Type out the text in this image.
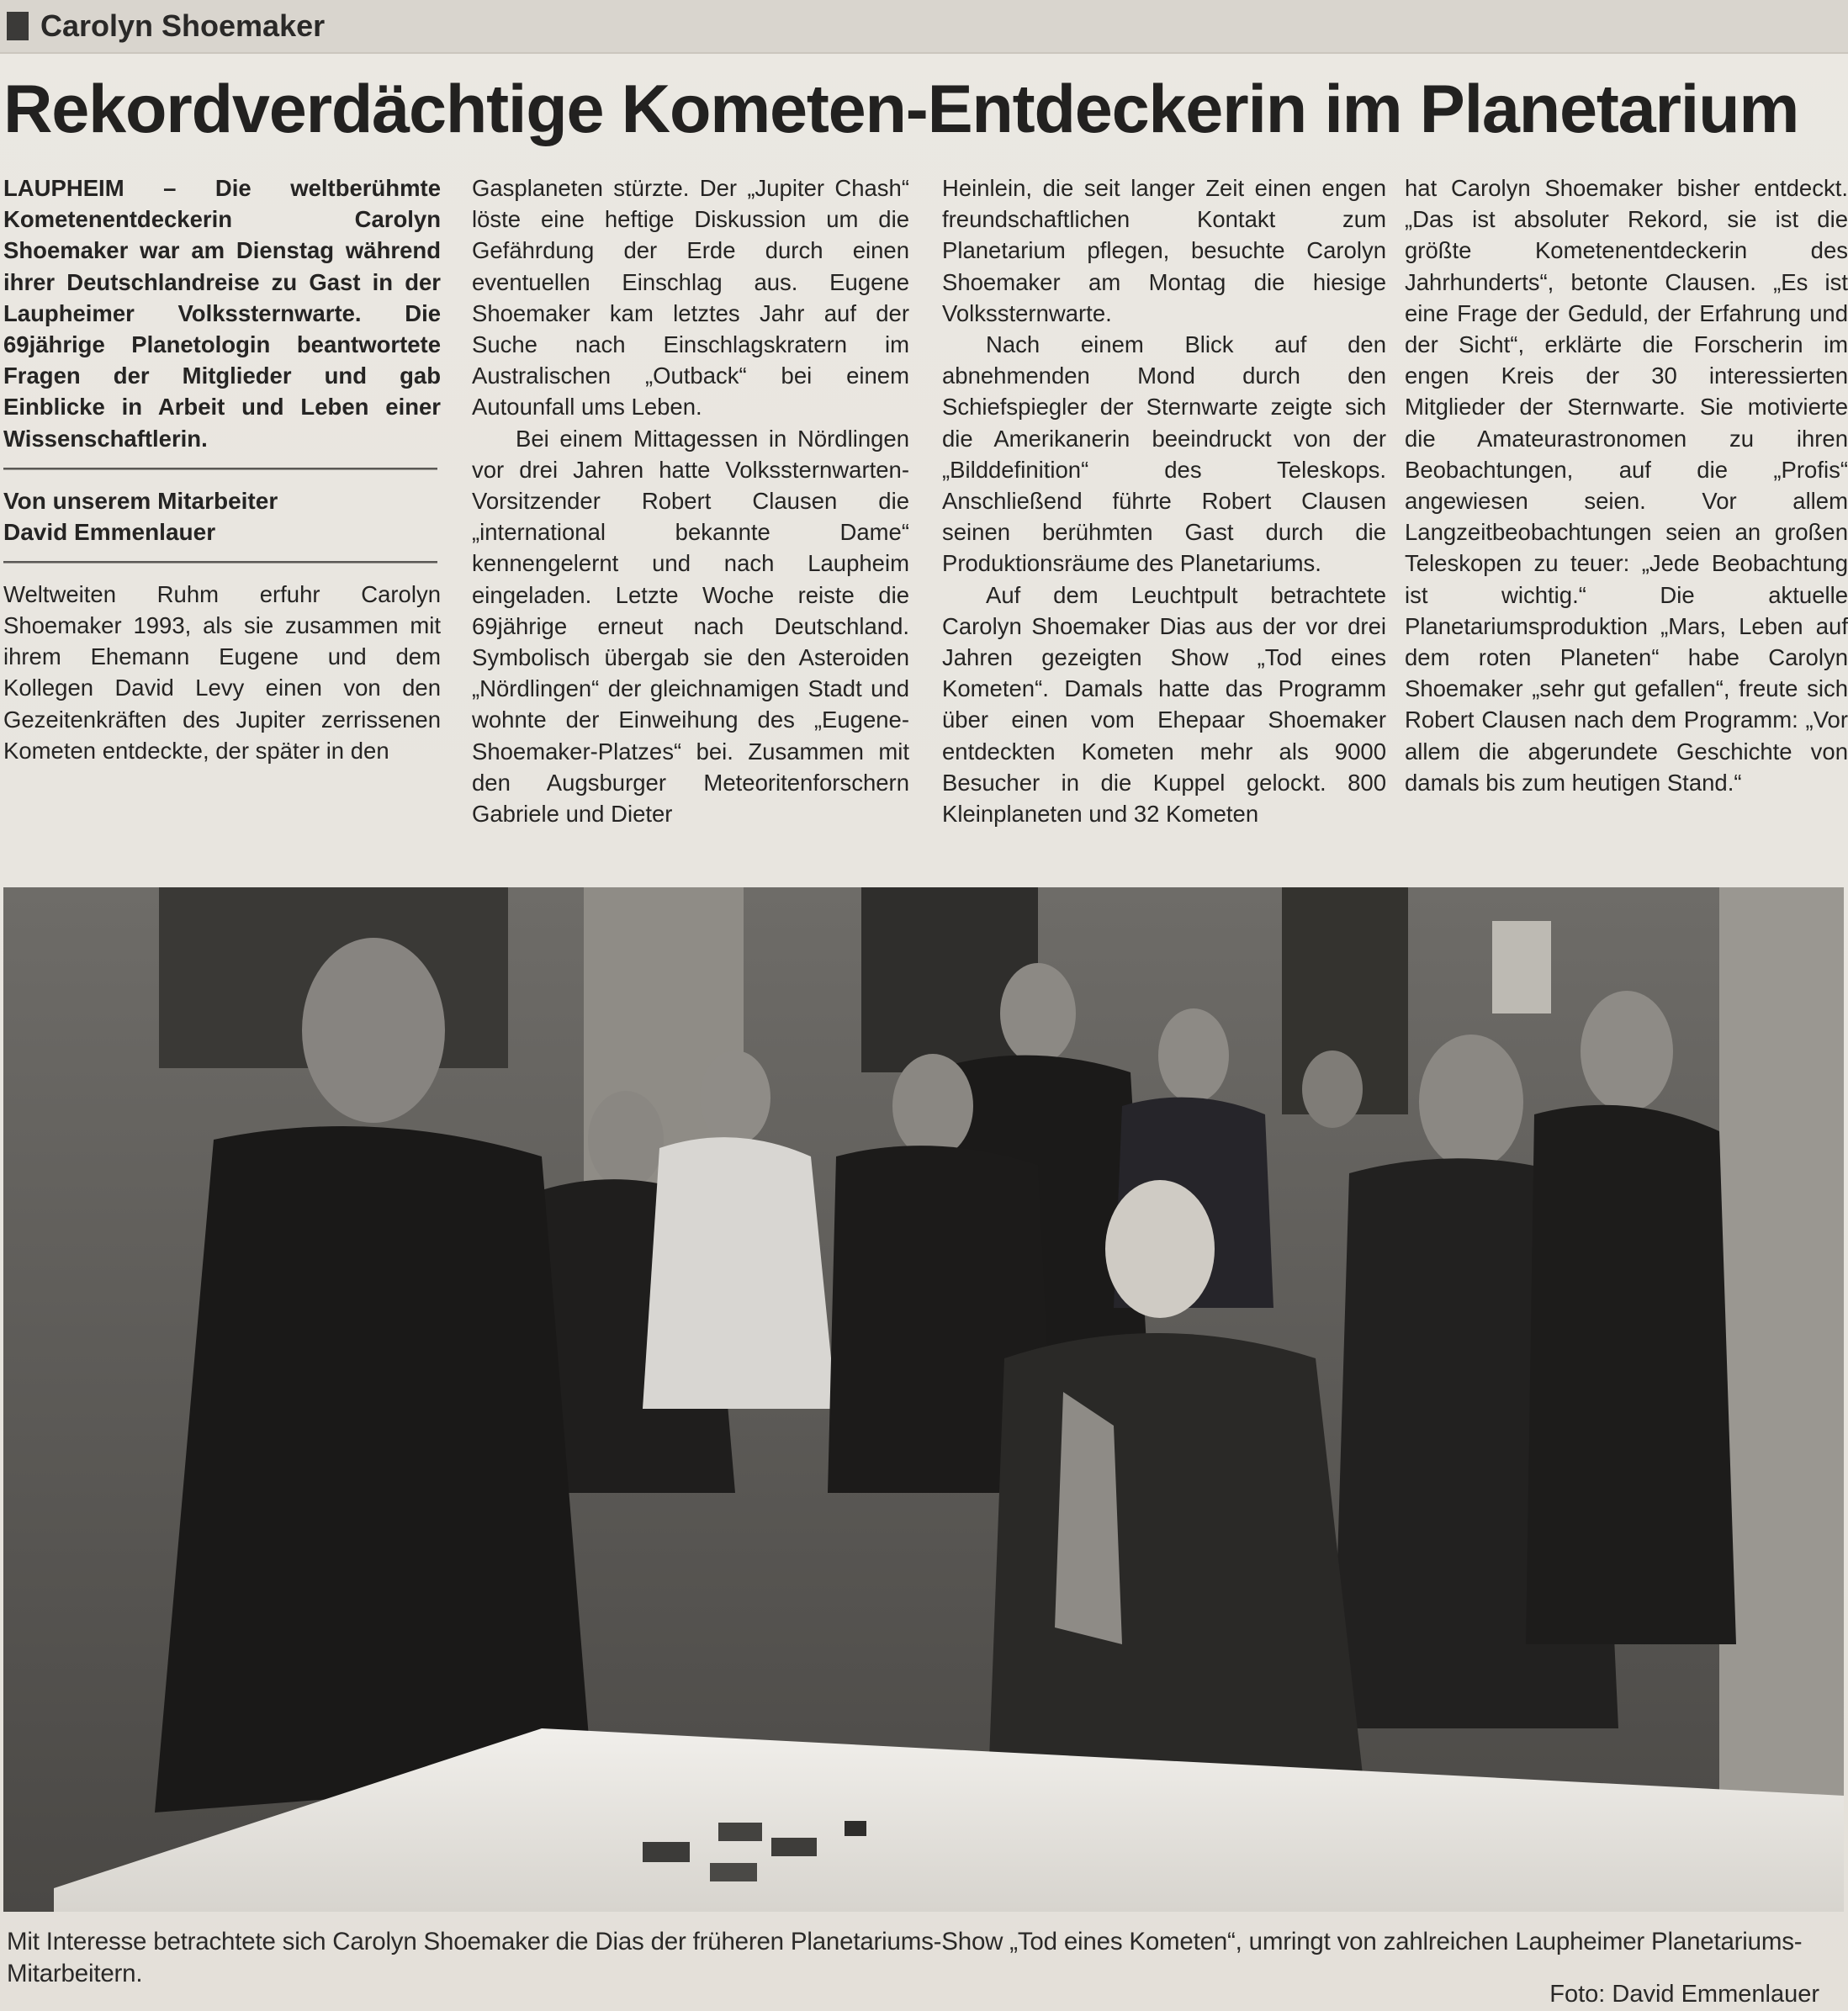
Carolyn Shoemaker
Rekordverdächtige Kometen-Entdeckerin im Planetarium

LAUPHEIM – Die weltberühmte Kometenentdeckerin Carolyn Shoemaker war am Dienstag während ihrer Deutschlandreise zu Gast in der Laupheimer Volkssternwarte. Die 69jährige Planetologin beantwortete Fragen der Mitglieder und gab Einblicke in Arbeit und Leben einer Wissenschaftlerin.

Von unserem Mitarbeiter
David Emmenlauer

Weltweiten Ruhm erfuhr Carolyn Shoemaker 1993, als sie zusammen mit ihrem Ehemann Eugene und dem Kollegen David Levy einen von den Gezeitenkräften des Jupiter zerrissenen Kometen entdeckte, der später in den

Gasplaneten stürzte. Der „Jupiter Chash“ löste eine heftige Diskussion um die Gefährdung der Erde durch einen eventuellen Einschlag aus. Eugene Shoemaker kam letztes Jahr auf der Suche nach Einschlagskratern im Australischen „Outback“ bei einem Autounfall ums Leben.

Bei einem Mittagessen in Nördlingen vor drei Jahren hatte Volkssternwarten-Vorsitzender Robert Clausen die „international bekannte Dame“ kennengelernt und nach Laupheim eingeladen. Letzte Woche reiste die 69jährige erneut nach Deutschland. Symbolisch übergab sie den Asteroiden „Nördlingen“ der gleichnamigen Stadt und wohnte der Einweihung des „Eugene-Shoemaker-Platzes“ bei. Zusammen mit den Augsburger Meteoritenforschern Gabriele und Dieter

Heinlein, die seit langer Zeit einen engen freundschaftlichen Kontakt zum Planetarium pflegen, besuchte Carolyn Shoemaker am Montag die hiesige Volkssternwarte.

Nach einem Blick auf den abnehmenden Mond durch den Schiefspiegler der Sternwarte zeigte sich die Amerikanerin beeindruckt von der „Bilddefinition“ des Teleskops. Anschließend führte Robert Clausen seinen berühmten Gast durch die Produktionsräume des Planetariums.

Auf dem Leuchtpult betrachtete Carolyn Shoemaker Dias aus der vor drei Jahren gezeigten Show „Tod eines Kometen“. Damals hatte das Programm über einen vom Ehepaar Shoemaker entdeckten Kometen mehr als 9000 Besucher in die Kuppel gelockt. 800 Kleinplaneten und 32 Kometen

hat Carolyn Shoemaker bisher entdeckt. „Das ist absoluter Rekord, sie ist die größte Kometenentdeckerin des Jahrhunderts“, betonte Clausen. „Es ist eine Frage der Geduld, der Erfahrung und der Sicht“, erklärte die Forscherin im engen Kreis der 30 interessierten Mitglieder der Sternwarte. Sie motivierte die Amateurastronomen zu ihren Beobachtungen, auf die „Profis“ angewiesen seien. Vor allem Langzeitbeobachtungen seien an großen Teleskopen zu teuer: „Jede Beobachtung ist wichtig.“ Die aktuelle Planetariumsproduktion „Mars, Leben auf dem roten Planeten“ habe Carolyn Shoemaker „sehr gut gefallen“, freute sich Robert Clausen nach dem Programm: „Vor allem die abgerundete Geschichte von damals bis zum heutigen Stand.“

Mit Interesse betrachtete sich Carolyn Shoemaker die Dias der früheren Planetariums-Show „Tod eines Kometen“, umringt von zahlreichen Laupheimer Planetariums-Mitarbeitern.
Foto: David Emmenlauer
